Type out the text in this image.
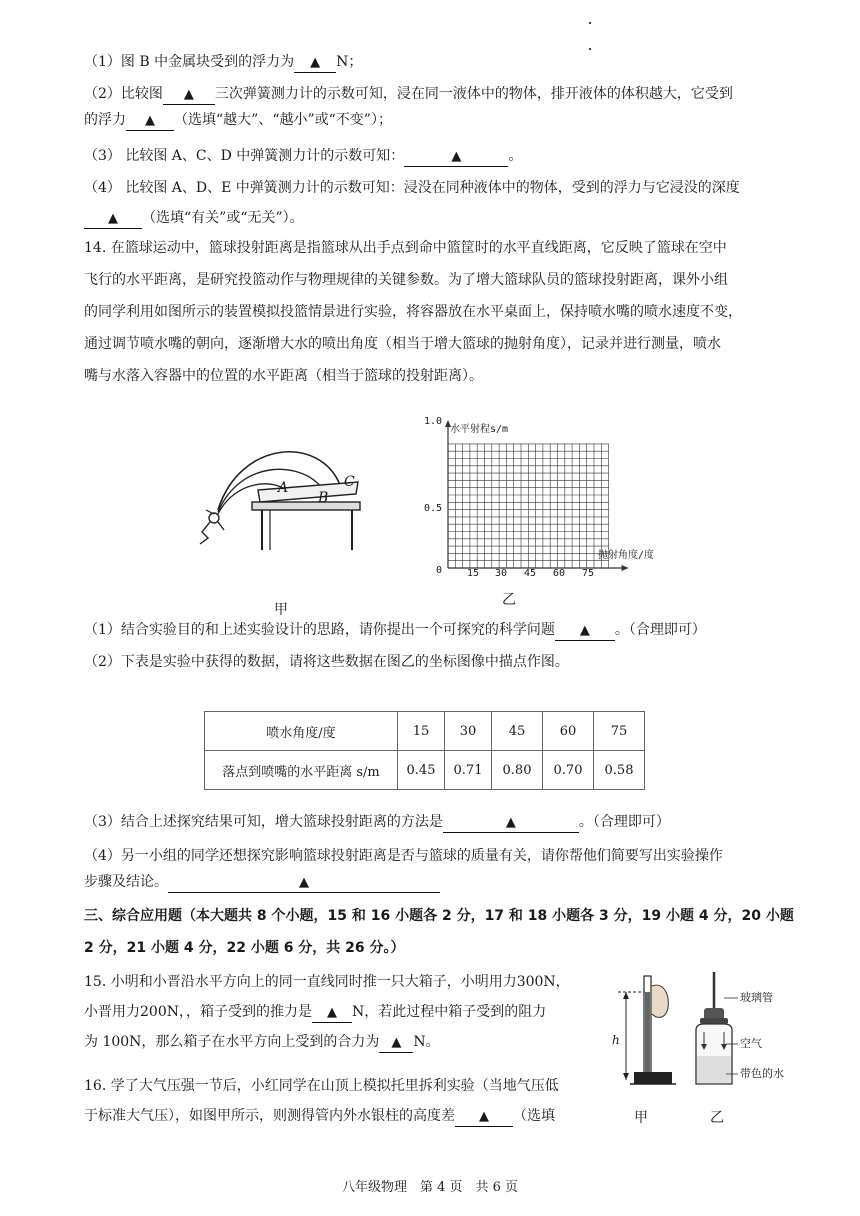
（1）图 B 中金属块受到的浮力为 ▲ N；
（2）比较图 ▲ 三次弹簧测力计的示数可知，浸在同一液体中的物体，排开液体的体积越大，它受到
的浮力 ▲ （选填“越大”、“越小”或“不变”）；
（3） 比较图 A、C、D 中弹簧测力计的示数可知：	▲	。
（4） 比较图 A、D、E 中弹簧测力计的示数可知：浸没在同种液体中的物体，受到的浮力与它浸没的深度
▲ （选填“有关”或“无关”）。
14. 在篮球运动中，篮球投射距离是指篮球从出手点到命中篮筐时的水平直线距离，它反映了篮球在空中
飞行的水平距离，是研究投篮动作与物理规律的关键参数。为了增大篮球队员的篮球投射距离，课外小组
的同学利用如图所示的装置模拟投篮情景进行实验，将容器放在水平桌面上，保持喷水嘴的喷水速度不变，
通过调节喷水嘴的朝向，逐渐增大水的喷出角度（相当于增大篮球的抛射角度），记录并进行测量，喷水
嘴与水落入容器中的位置的水平距离（相当于篮球的投射距离）。
A
B
C
甲
水平射程s/m
1.0
0.5
0
抛射角度/度
15 30 45 60 75
乙
（1）结合实验目的和上述实验设计的思路，请你提出一个可探究的科学问题 ▲ 。（合理即可）
（2）下表是实验中获得的数据，请将这些数据在图乙的坐标图像中描点作图。
喷水角度/度	15	30	45	60	75
落点到喷嘴的水平距离 s/m	0.45	0.71	0.80	0.70	0.58
（3）结合上述探究结果可知，增大篮球投射距离的方法是	▲	。（合理即可）
（4）另一小组的同学还想探究影响篮球投射距离是否与篮球的质量有关，请你帮他们简要写出实验操作
步骤及结论。	▲
三、综合应用题（本大题共 8 个小题，15 和 16 小题各 2 分，17 和 18 小题各 3 分，19 小题 4 分，20 小题
2 分，21 小题 4 分，22 小题 6 分，共 26 分。）
15. 小明和小晋沿水平方向上的同一直线同时推一只大箱子，小明用力300N，
小晋用力200N，，箱子受到的推力是 ▲ N，若此过程中箱子受到的阻力
为 100N，那么箱子在水平方向上受到的合力为 ▲ N。
16. 学了大气压强一节后，小红同学在山顶上模拟托里拆利实验（当地气压低
于标准大气压），如图甲所示，则测得管内外水银柱的高度差 ▲ （选填
h
玻璃管
空气
带色的水
甲	乙
八年级物理　第 4 页　共 6 页
